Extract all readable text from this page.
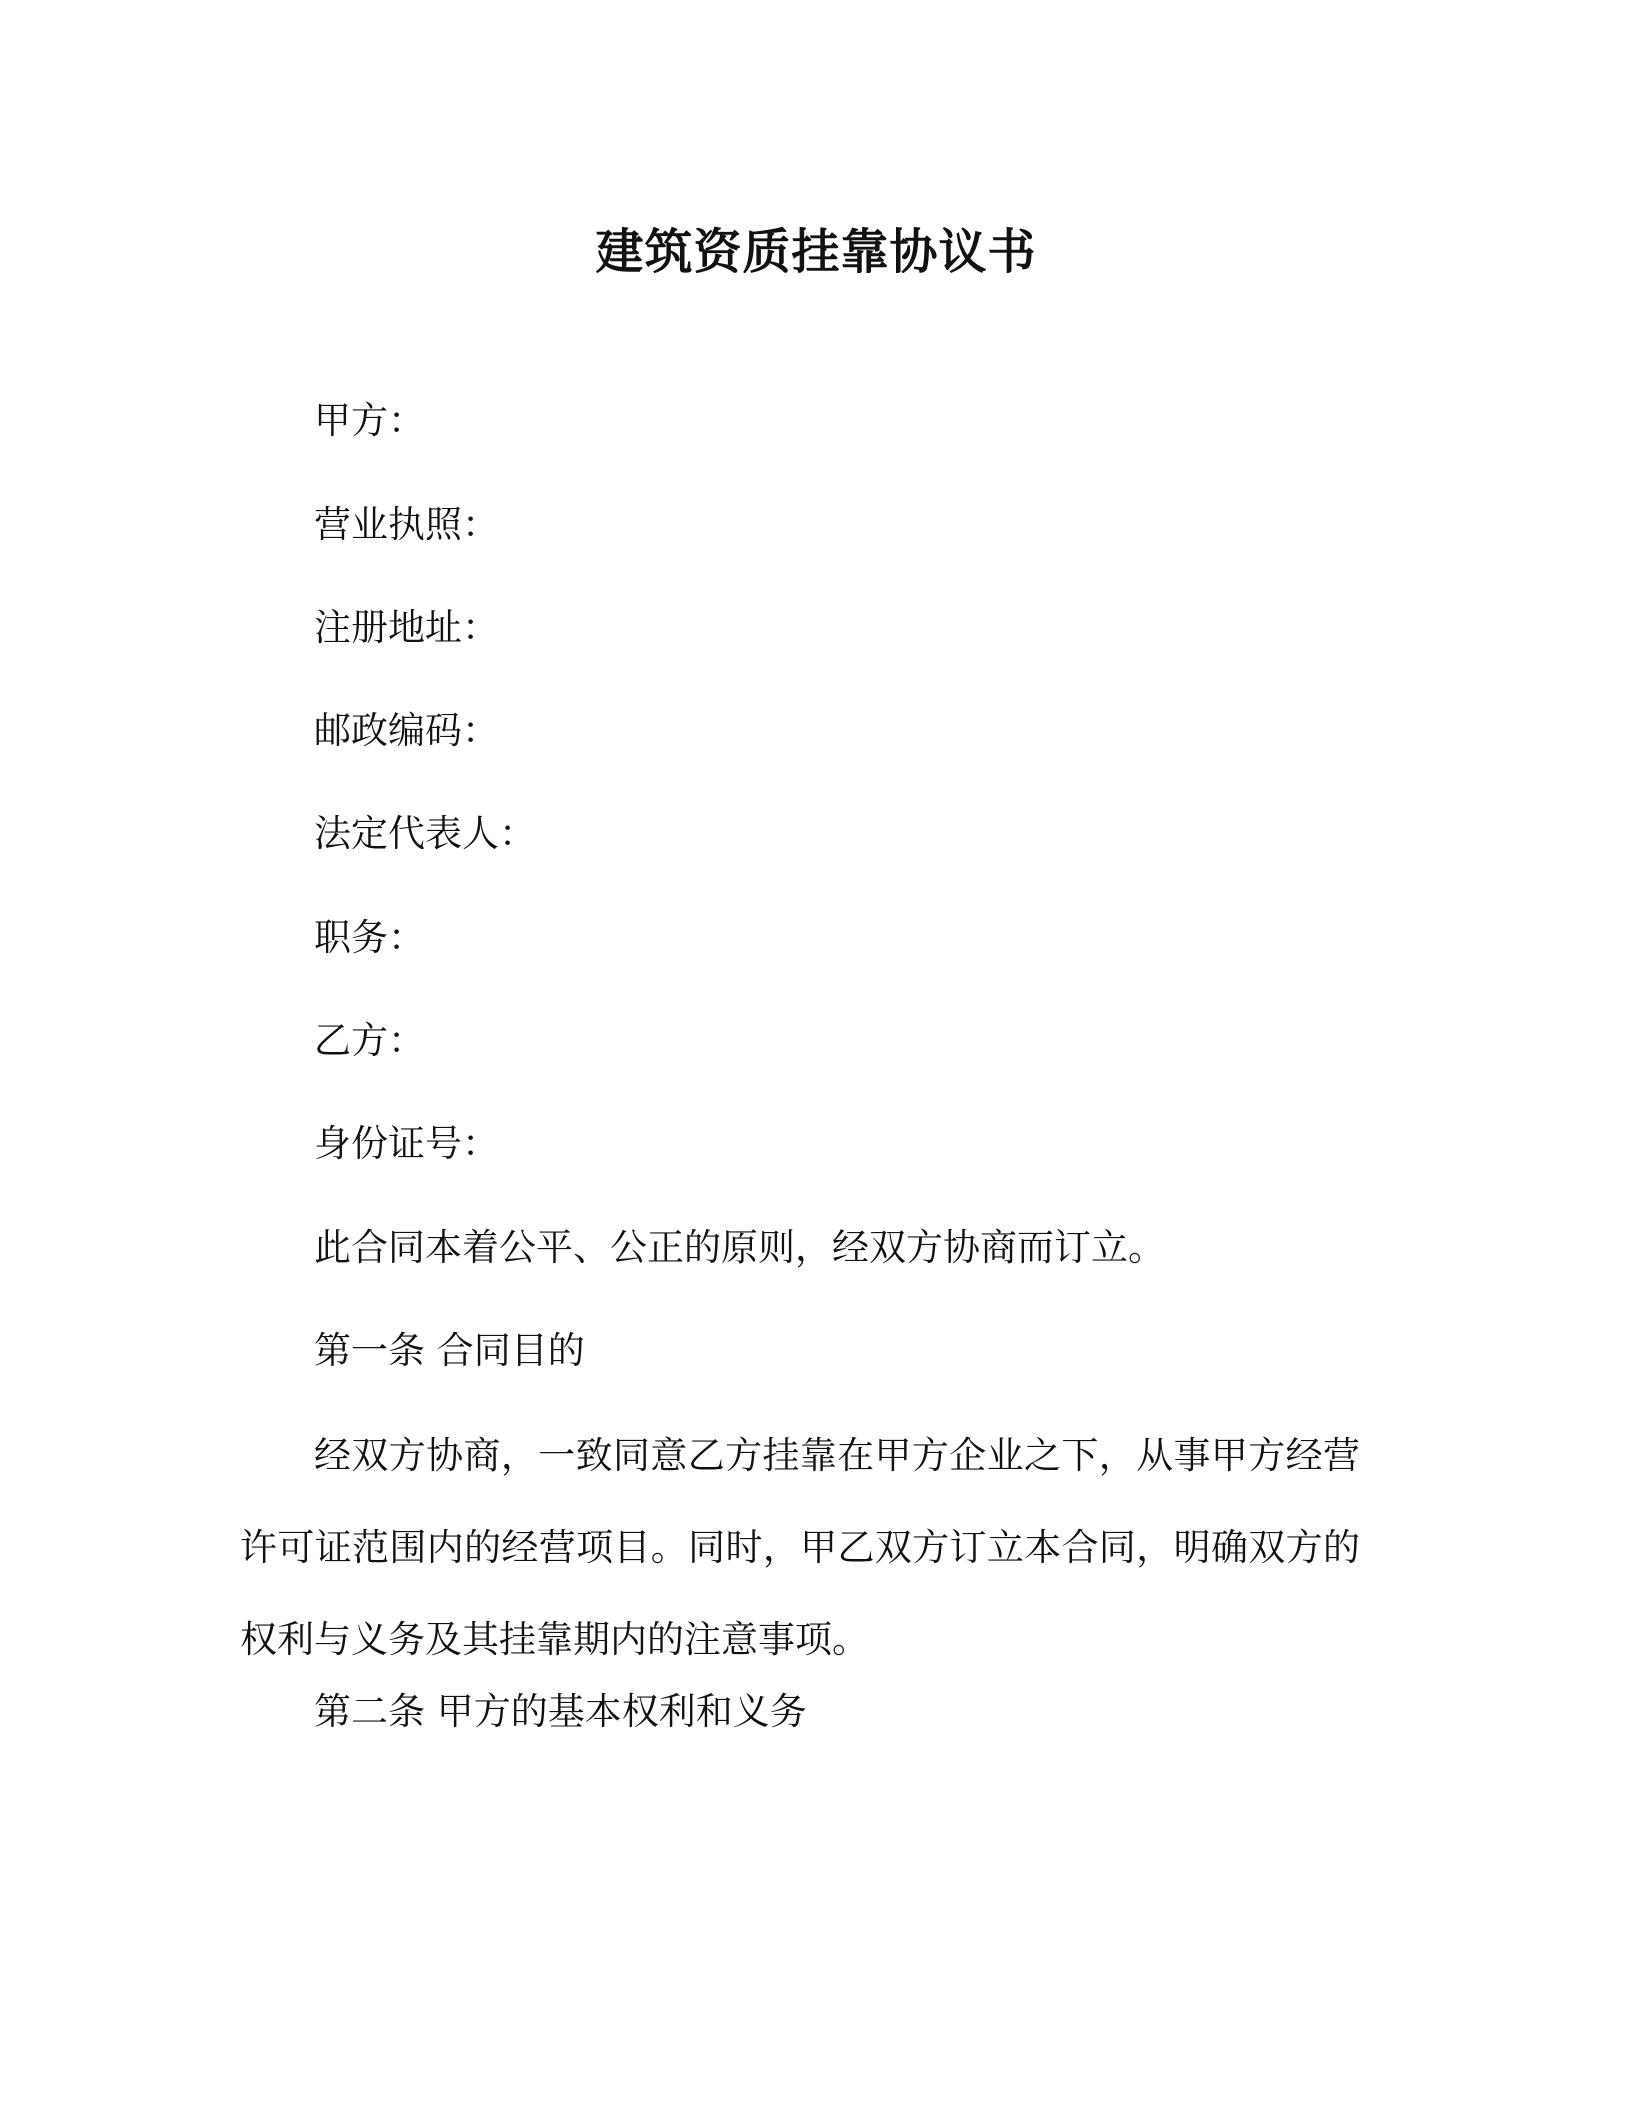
建筑资质挂靠协议书
甲方：
营业执照：
注册地址：
邮政编码：
法定代表人：
职务：
乙方：
身份证号：
此合同本着公平、公正的原则，经双方协商而订立。
第一条 合同目的
经双方协商，一致同意乙方挂靠在甲方企业之下，从事甲方经营许可证范围内的经营项目。同时，甲乙双方订立本合同，明确双方的权利与义务及其挂靠期内的注意事项。
第二条 甲方的基本权利和义务
